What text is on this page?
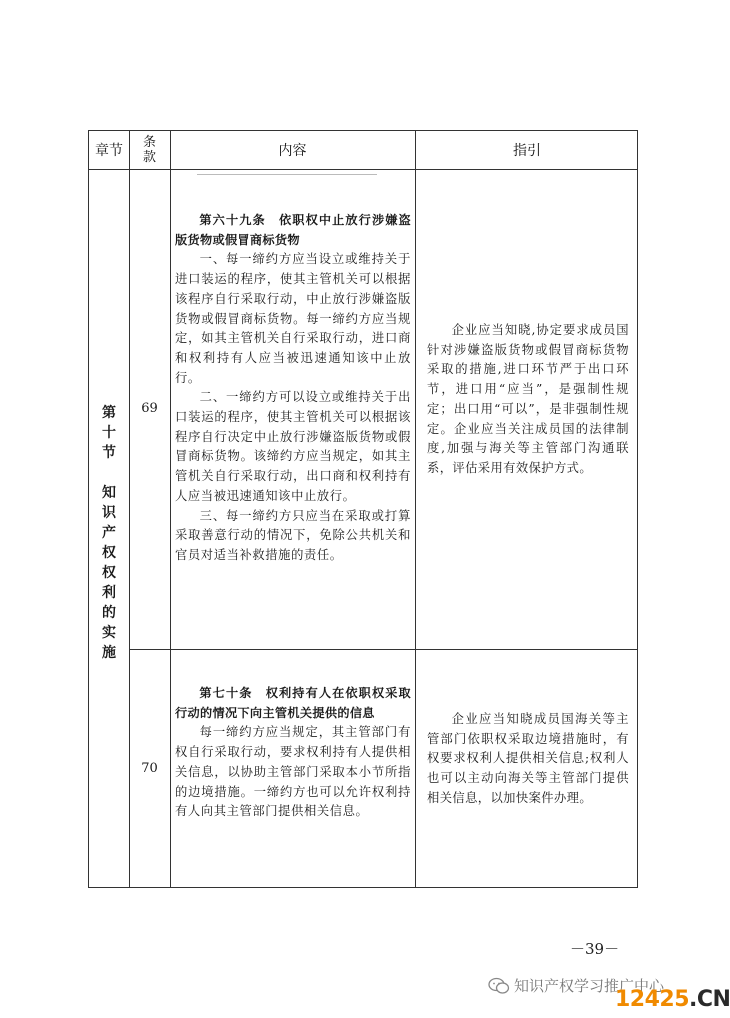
章节
条
款	内容	指引
第
十
节
知
识
产
权
权
利
的
实
施
69

第六十九条　依职权中止放行涉嫌盗版货物或假冒商标货物

一、每一缔约方应当设立或维持关于进口装运的程序，使其主管机关可以根据该程序自行采取行动，中止放行涉嫌盗版货物或假冒商标货物。每一缔约方应当规定，如其主管机关自行采取行动，进口商和权利持有人应当被迅速通知该中止放行。

二、一缔约方可以设立或维持关于出口装运的程序，使其主管机关可以根据该程序自行决定中止放行涉嫌盗版货物或假冒商标货物。该缔约方应当规定，如其主管机关自行采取行动，出口商和权利持有人应当被迅速通知该中止放行。

三、每一缔约方只应当在采取或打算采取善意行动的情况下，免除公共机关和官员对适当补救措施的责任。

企业应当知晓,协定要求成员国针对涉嫌盗版货物或假冒商标货物采取的措施,进口环节严于出口环节，进口用“应当”，是强制性规定；出口用“可以”，是非强制性规定。企业应当关注成员国的法律制度,加强与海关等主管部门沟通联系，评估采用有效保护方式。

70

第七十条　权利持有人在依职权采取行动的情况下向主管机关提供的信息

每一缔约方应当规定，其主管部门有权自行采取行动，要求权利持有人提供相关信息，以协助主管部门采取本小节所指的边境措施。一缔约方也可以允许权利持有人向其主管部门提供相关信息。

企业应当知晓成员国海关等主管部门依职权采取边境措施时，有权要求权利人提供相关信息;权利人也可以主动向海关等主管部门提供相关信息，以加快案件办理。

－39－
知识产权学习推广中心
12425.CN
